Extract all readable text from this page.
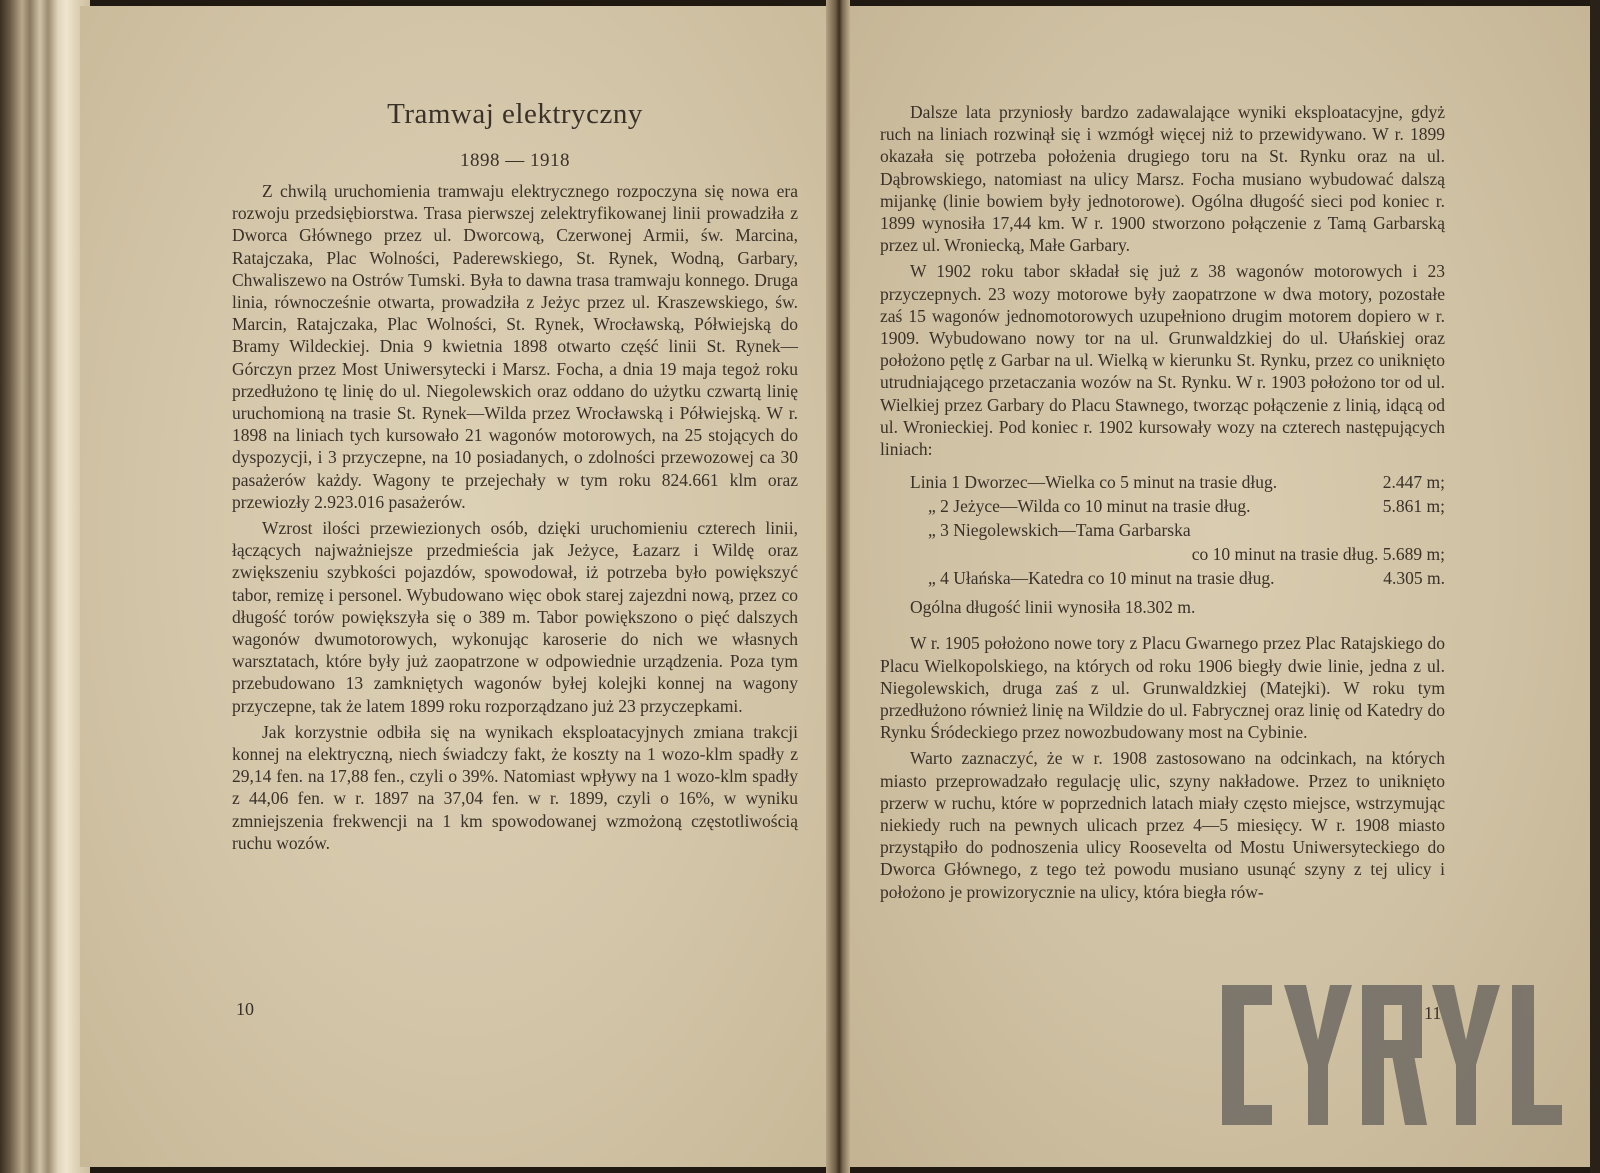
Tramwaj elektryczny
1898 — 1918

Z chwilą uruchomienia tramwaju elektrycznego rozpoczyna się nowa era rozwoju przedsiębiorstwa. Trasa pierwszej zelektryfikowanej linii prowadziła z Dworca Głównego przez ul. Dworcową, Czerwonej Armii, św. Marcina, Ratajczaka, Plac Wolności, Paderewskiego, St. Rynek, Wodną, Garbary, Chwaliszewo na Ostrów Tumski. Była to dawna trasa tramwaju konnego. Druga linia, równocześnie otwarta, prowadziła z Jeżyc przez ul. Kraszewskiego, św. Marcin, Ratajczaka, Plac Wolności, St. Rynek, Wrocławską, Półwiejską do Bramy Wildeckiej. Dnia 9 kwietnia 1898 otwarto część linii St. Rynek—Górczyn przez Most Uniwersytecki i Marsz. Focha, a dnia 19 maja tegoż roku przedłużono tę linię do ul. Niegolewskich oraz oddano do użytku czwartą linię uruchomioną na trasie St. Rynek—Wilda przez Wrocławską i Półwiejską. W r. 1898 na liniach tych kursowało 21 wagonów motorowych, na 25 stojących do dyspozycji, i 3 przyczepne, na 10 posiadanych, o zdolności przewozowej ca 30 pasażerów każdy. Wagony te przejechały w tym roku 824.661 klm oraz przewiozły 2.923.016 pasażerów.

Wzrost ilości przewiezionych osób, dzięki uruchomieniu czterech linii, łączących najważniejsze przedmieścia jak Jeżyce, Łazarz i Wildę oraz zwiększeniu szybkości pojazdów, spowodował, iż potrzeba było powiększyć tabor, remizę i personel. Wybudowano więc obok starej zajezdni nową, przez co długość torów powiększyła się o 389 m. Tabor powiększono o pięć dalszych wagonów dwumotorowych, wykonując karoserie do nich we własnych warsztatach, które były już zaopatrzone w odpowiednie urządzenia. Poza tym przebudowano 13 zamkniętych wagonów byłej kolejki konnej na wagony przyczepne, tak że latem 1899 roku rozporządzano już 23 przyczepkami.

Jak korzystnie odbiła się na wynikach eksploatacyjnych zmiana trakcji konnej na elektryczną, niech świadczy fakt, że koszty na 1 wozo-klm spadły z 29,14 fen. na 17,88 fen., czyli o 39%. Natomiast wpływy na 1 wozo-klm spadły z 44,06 fen. w r. 1897 na 37,04 fen. w r. 1899, czyli o 16%, w wyniku zmniejszenia frekwencji na 1 km spowodowanej wzmożoną częstotliwością ruchu wozów.

10

Dalsze lata przyniosły bardzo zadawalające wyniki eksploatacyjne, gdyż ruch na liniach rozwinął się i wzmógł więcej niż to przewidywano. W r. 1899 okazała się potrzeba położenia drugiego toru na St. Rynku oraz na ul. Dąbrowskiego, natomiast na ulicy Marsz. Focha musiano wybudować dalszą mijankę (linie bowiem były jednotorowe). Ogólna długość sieci pod koniec r. 1899 wynosiła 17,44 km. W r. 1900 stworzono połączenie z Tamą Garbarską przez ul. Wroniecką, Małe Garbary.

W 1902 roku tabor składał się już z 38 wagonów motorowych i 23 przyczepnych. 23 wozy motorowe były zaopatrzone w dwa motory, pozostałe zaś 15 wagonów jednomotorowych uzupełniono drugim motorem dopiero w r. 1909. Wybudowano nowy tor na ul. Grunwaldzkiej do ul. Ułańskiej oraz położono pętlę z Garbar na ul. Wielką w kierunku St. Rynku, przez co uniknięto utrudniającego przetaczania wozów na St. Rynku. W r. 1903 położono tor od ul. Wielkiej przez Garbary do Placu Stawnego, tworząc połączenie z linią, idącą od ul. Wronieckiej. Pod koniec r. 1902 kursowały wozy na czterech następujących liniach:

Linia 1 Dworzec—Wielka co 5 minut na trasie dług.	2.447 m;
„ 2 Jeżyce—Wilda co 10 minut na trasie dług.	5.861 m;
„ 3 Niegolewskich—Tama Garbarska
co 10 minut na trasie dług. 5.689 m;
„ 4 Ułańska—Katedra co 10 minut na trasie dług.	4.305 m.
Ogólna długość linii wynosiła 18.302 m.

W r. 1905 położono nowe tory z Placu Gwarnego przez Plac Ratajskiego do Placu Wielkopolskiego, na których od roku 1906 biegły dwie linie, jedna z ul. Niegolewskich, druga zaś z ul. Grunwaldzkiej (Matejki). W roku tym przedłużono również linię na Wildzie do ul. Fabrycznej oraz linię od Katedry do Rynku Śródeckiego przez nowozbudowany most na Cybinie.

Warto zaznaczyć, że w r. 1908 zastosowano na odcinkach, na których miasto przeprowadzało regulację ulic, szyny nakładowe. Przez to uniknięto przerw w ruchu, które w poprzednich latach miały często miejsce, wstrzymując niekiedy ruch na pewnych ulicach przez 4—5 miesięcy. W r. 1908 miasto przystąpiło do podnoszenia ulicy Roosevelta od Mostu Uniwersyteckiego do Dworca Głównego, z tego też powodu musiano usunąć szyny z tej ulicy i położono je prowizorycznie na ulicy, która biegła rów-

11
